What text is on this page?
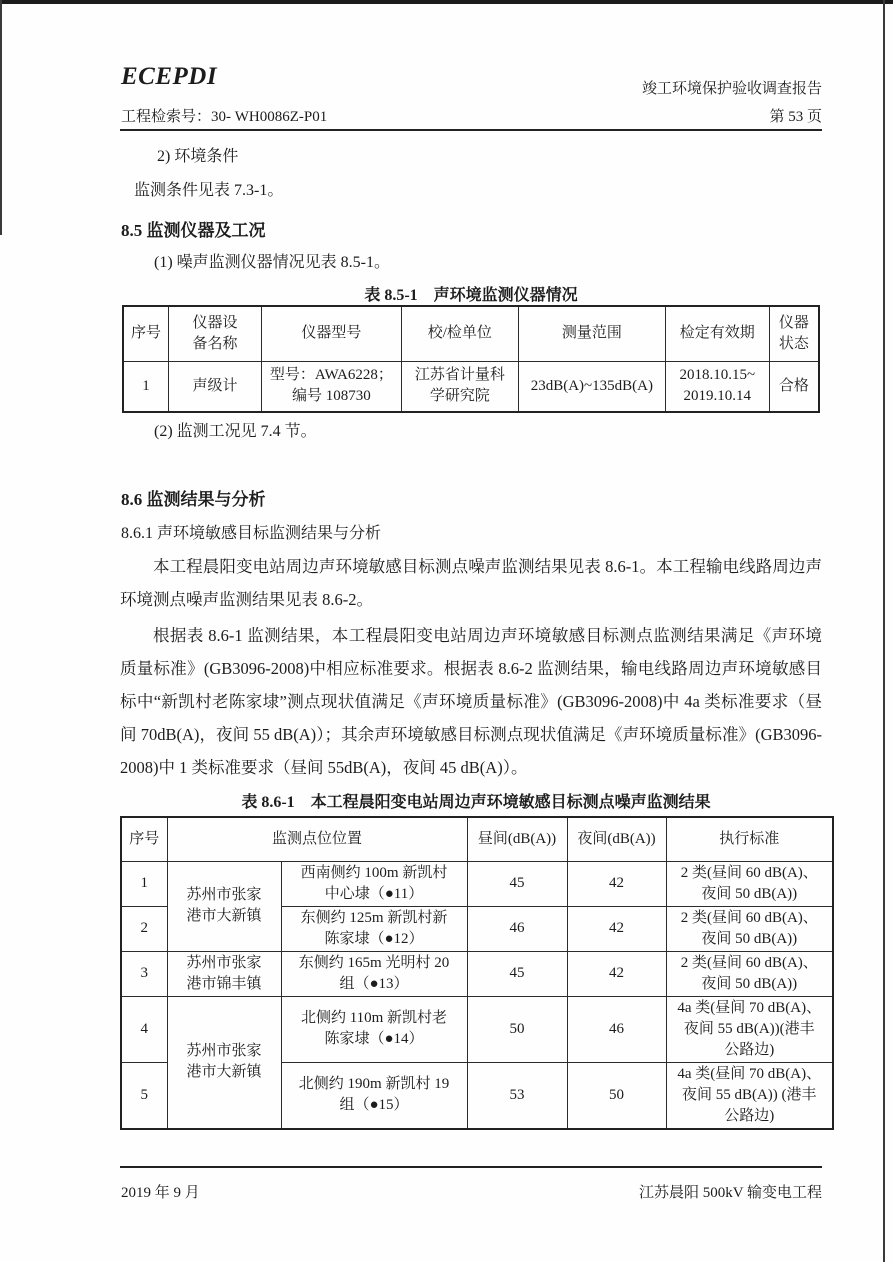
ECEPDI	竣工环境保护验收调查报告
工程检索号：30- WH0086Z-P01	第 53 页
2) 环境条件
监测条件见表 7.3-1。
8.5 监测仪器及工况
(1) 噪声监测仪器情况见表 8.5-1。
表 8.5-1　声环境监测仪器情况
序号	仪器设
备名称	仪器型号	校/检单位	测量范围	检定有效期	仪器
状态
1	声级计	型号：AWA6228；
编号 108730	江苏省计量科
学研究院	23dB(A)~135dB(A)	2018.10.15~
2019.10.14	合格
(2) 监测工况见 7.4 节。
8.6 监测结果与分析
8.6.1 声环境敏感目标监测结果与分析
本工程晨阳变电站周边声环境敏感目标测点噪声监测结果见表 8.6-1。本工程输电线路周边声环境测点噪声监测结果见表 8.6-2。
根据表 8.6-1 监测结果，本工程晨阳变电站周边声环境敏感目标测点监测结果满足《声环境质量标准》(GB3096-2008)中相应标准要求。根据表 8.6-2 监测结果，输电线路周边声环境敏感目标中“新凯村老陈家埭”测点现状值满足《声环境质量标准》(GB3096-2008)中 4a 类标准要求（昼间 70dB(A)，夜间 55 dB(A)）；其余声环境敏感目标测点现状值满足《声环境质量标准》(GB3096-2008)中 1 类标准要求（昼间 55dB(A)，夜间 45 dB(A)）。
表 8.6-1　本工程晨阳变电站周边声环境敏感目标测点噪声监测结果
序号	监测点位位置		昼间(dB(A))	夜间(dB(A))	执行标准
1	苏州市张家
港市大新镇	西南侧约 100m 新凯村
中心埭（●11）	45	42	2 类(昼间 60 dB(A)、
夜间 50 dB(A))
2		东侧约 125m 新凯村新
陈家埭（●12）	46	42	2 类(昼间 60 dB(A)、
夜间 50 dB(A))
3	苏州市张家
港市锦丰镇	东侧约 165m 光明村 20
组（●13）	45	42	2 类(昼间 60 dB(A)、
夜间 50 dB(A))
4	苏州市张家
港市大新镇	北侧约 110m 新凯村老
陈家埭（●14）	50	46	4a 类(昼间 70 dB(A)、
夜间 55 dB(A))(港丰
公路边)
5		北侧约 190m 新凯村 19
组（●15）	53	50	4a 类(昼间 70 dB(A)、
夜间 55 dB(A)) (港丰
公路边)
2019 年 9 月	江苏晨阳 500kV 输变电工程
